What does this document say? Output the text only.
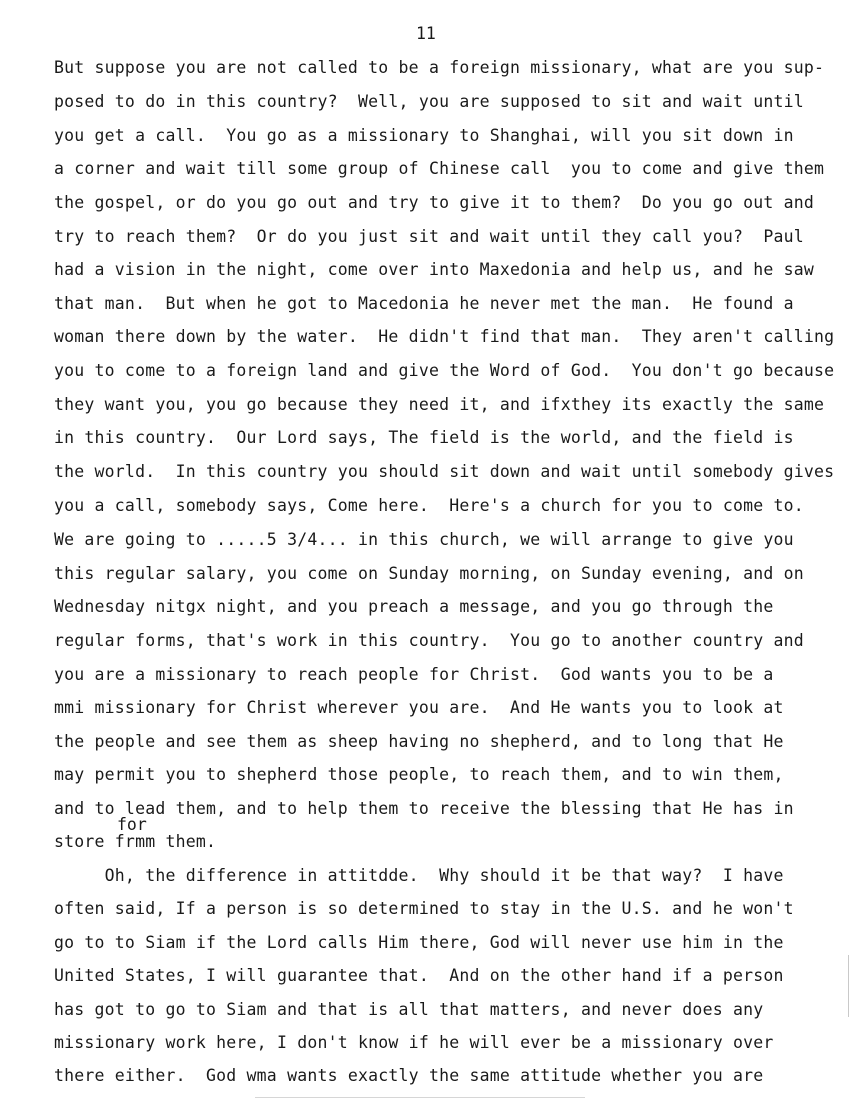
11
But suppose you are not called to be a foreign missionary, what are you sup-
posed to do in this country?  Well, you are supposed to sit and wait until
you get a call.  You go as a missionary to Shanghai, will you sit down in
a corner and wait till some group of Chinese call  you to come and give them
the gospel, or do you go out and try to give it to them?  Do you go out and
try to reach them?  Or do you just sit and wait until they call you?  Paul
had a vision in the night, come over into Maxedonia and help us, and he saw
that man.  But when he got to Macedonia he never met the man.  He found a
woman there down by the water.  He didn't find that man.  They aren't calling
you to come to a foreign land and give the Word of God.  You don't go because
they want you, you go because they need it, and ifxthey its exactly the same
in this country.  Our Lord says, The field is the world, and the field is
the world.  In this country you should sit down and wait until somebody gives
you a call, somebody says, Come here.  Here's a church for you to come to.
We are going to .....5 3/4... in this church, we will arrange to give you
this regular salary, you come on Sunday morning, on Sunday evening, and on
Wednesday nitgx night, and you preach a message, and you go through the
regular forms, that's work in this country.  You go to another country and
you are a missionary to reach people for Christ.  God wants you to be a
mmi missionary for Christ wherever you are.  And He wants you to look at
the people and see them as sheep having no shepherd, and to long that He
may permit you to shepherd those people, to reach them, and to win them,
and to lead them, and to help them to receive the blessing that He has in
for
store frmm them.
Oh, the difference in attitdde.  Why should it be that way?  I have
often said, If a person is so determined to stay in the U.S. and he won't
go to to Siam if the Lord calls Him there, God will never use him in the
United States, I will guarantee that.  And on the other hand if a person
has got to go to Siam and that is all that matters, and never does any
missionary work here, I don't know if he will ever be a missionary over
there either.  God wma wants exactly the same attitude whether you are
